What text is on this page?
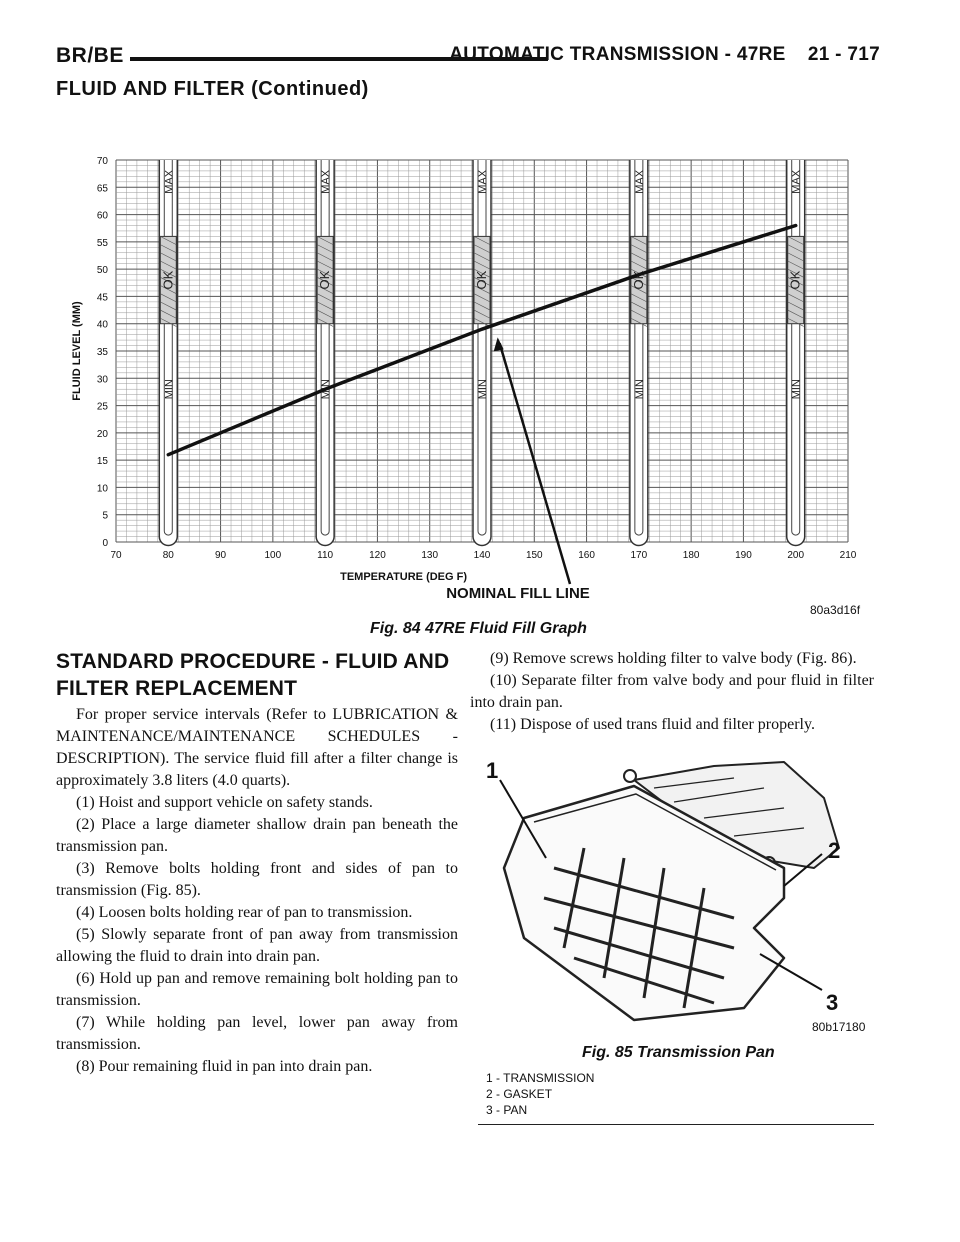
BR/BE	AUTOMATIC TRANSMISSION - 47RE    21 - 717
FLUID AND FILTER (Continued)
MAX
OK
MIN
MAX
OK
MIN
MAX
OK
MIN
MAX
OK
MIN
MAX
OK
MIN
0
5
10
15
20
25
30
35
40
45
50
55
60
65
70
70	80	90	100	110	120	130	140	150	160	170	180	190	200	210
TEMPERATURE (DEG F)
FLUID LEVEL (MM)
NOMINAL FILL LINE
80a3d16f
Fig. 84 47RE Fluid Fill Graph
STANDARD PROCEDURE - FLUID AND FILTER REPLACEMENT

For proper service intervals (Refer to LUBRICATION & MAINTENANCE/MAINTENANCE SCHEDULES - DESCRIPTION). The service fluid fill after a filter change is approximately 3.8 liters (4.0 quarts).

(1) Hoist and support vehicle on safety stands.

(2) Place a large diameter shallow drain pan beneath the transmission pan.

(3) Remove bolts holding front and sides of pan to transmission (Fig. 85).

(4) Loosen bolts holding rear of pan to transmission.

(5) Slowly separate front of pan away from transmission allowing the fluid to drain into drain pan.

(6) Hold up pan and remove remaining bolt holding pan to transmission.

(7) While holding pan level, lower pan away from transmission.

(8) Pour remaining fluid in pan into drain pan.

(9) Remove screws holding filter to valve body (Fig. 86).

(10) Separate filter from valve body and pour fluid in filter into drain pan.

(11) Dispose of used trans fluid and filter properly.

1
2
3
80b17180
Fig. 85 Transmission Pan
1 - TRANSMISSION
2 - GASKET
3 - PAN
